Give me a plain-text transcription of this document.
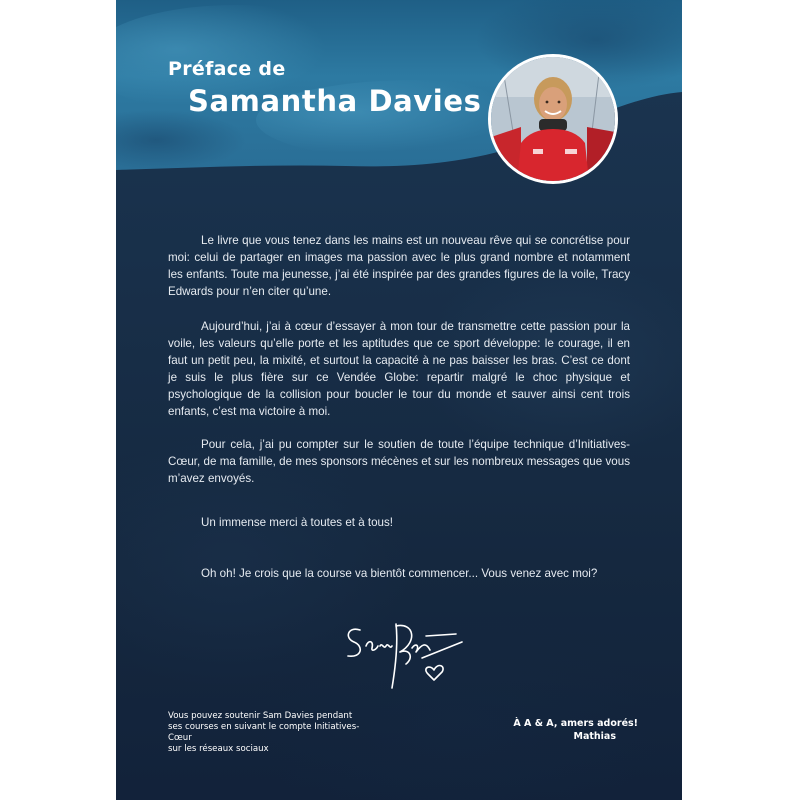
Préface de
Samantha Davies

Le livre que vous tenez dans les mains est un nouveau rêve qui se concrétise pour moi: celui de partager en images ma passion avec le plus grand nombre et notamment les enfants. Toute ma jeunesse, j’ai été inspirée par des grandes figures de la voile, Tracy Edwards pour n’en citer qu’une.

Aujourd’hui, j’ai à cœur d’essayer à mon tour de transmettre cette passion pour la voile, les valeurs qu’elle porte et les aptitudes que ce sport développe: le courage, il en faut un petit peu, la mixité, et surtout la capacité à ne pas baisser les bras. C’est ce dont je suis le plus fière sur ce Vendée Globe: repartir malgré le choc physique et psychologique de la collision pour boucler le tour du monde et sauver ainsi cent trois enfants, c’est ma victoire à moi.

Pour cela, j’ai pu compter sur le soutien de toute l’équipe technique d’Initiatives-Cœur, de ma famille, de mes sponsors mécènes et sur les nombreux messages que vous m’avez envoyés.

Un immense merci à toutes et à tous!

Oh oh! Je crois que la course va bientôt commencer... Vous venez avec moi?

Vous pouvez soutenir Sam Davies pendant
ses courses en suivant le compte Initiatives-Cœur
sur les réseaux sociaux
À A & A, amers adorés!
Mathias
